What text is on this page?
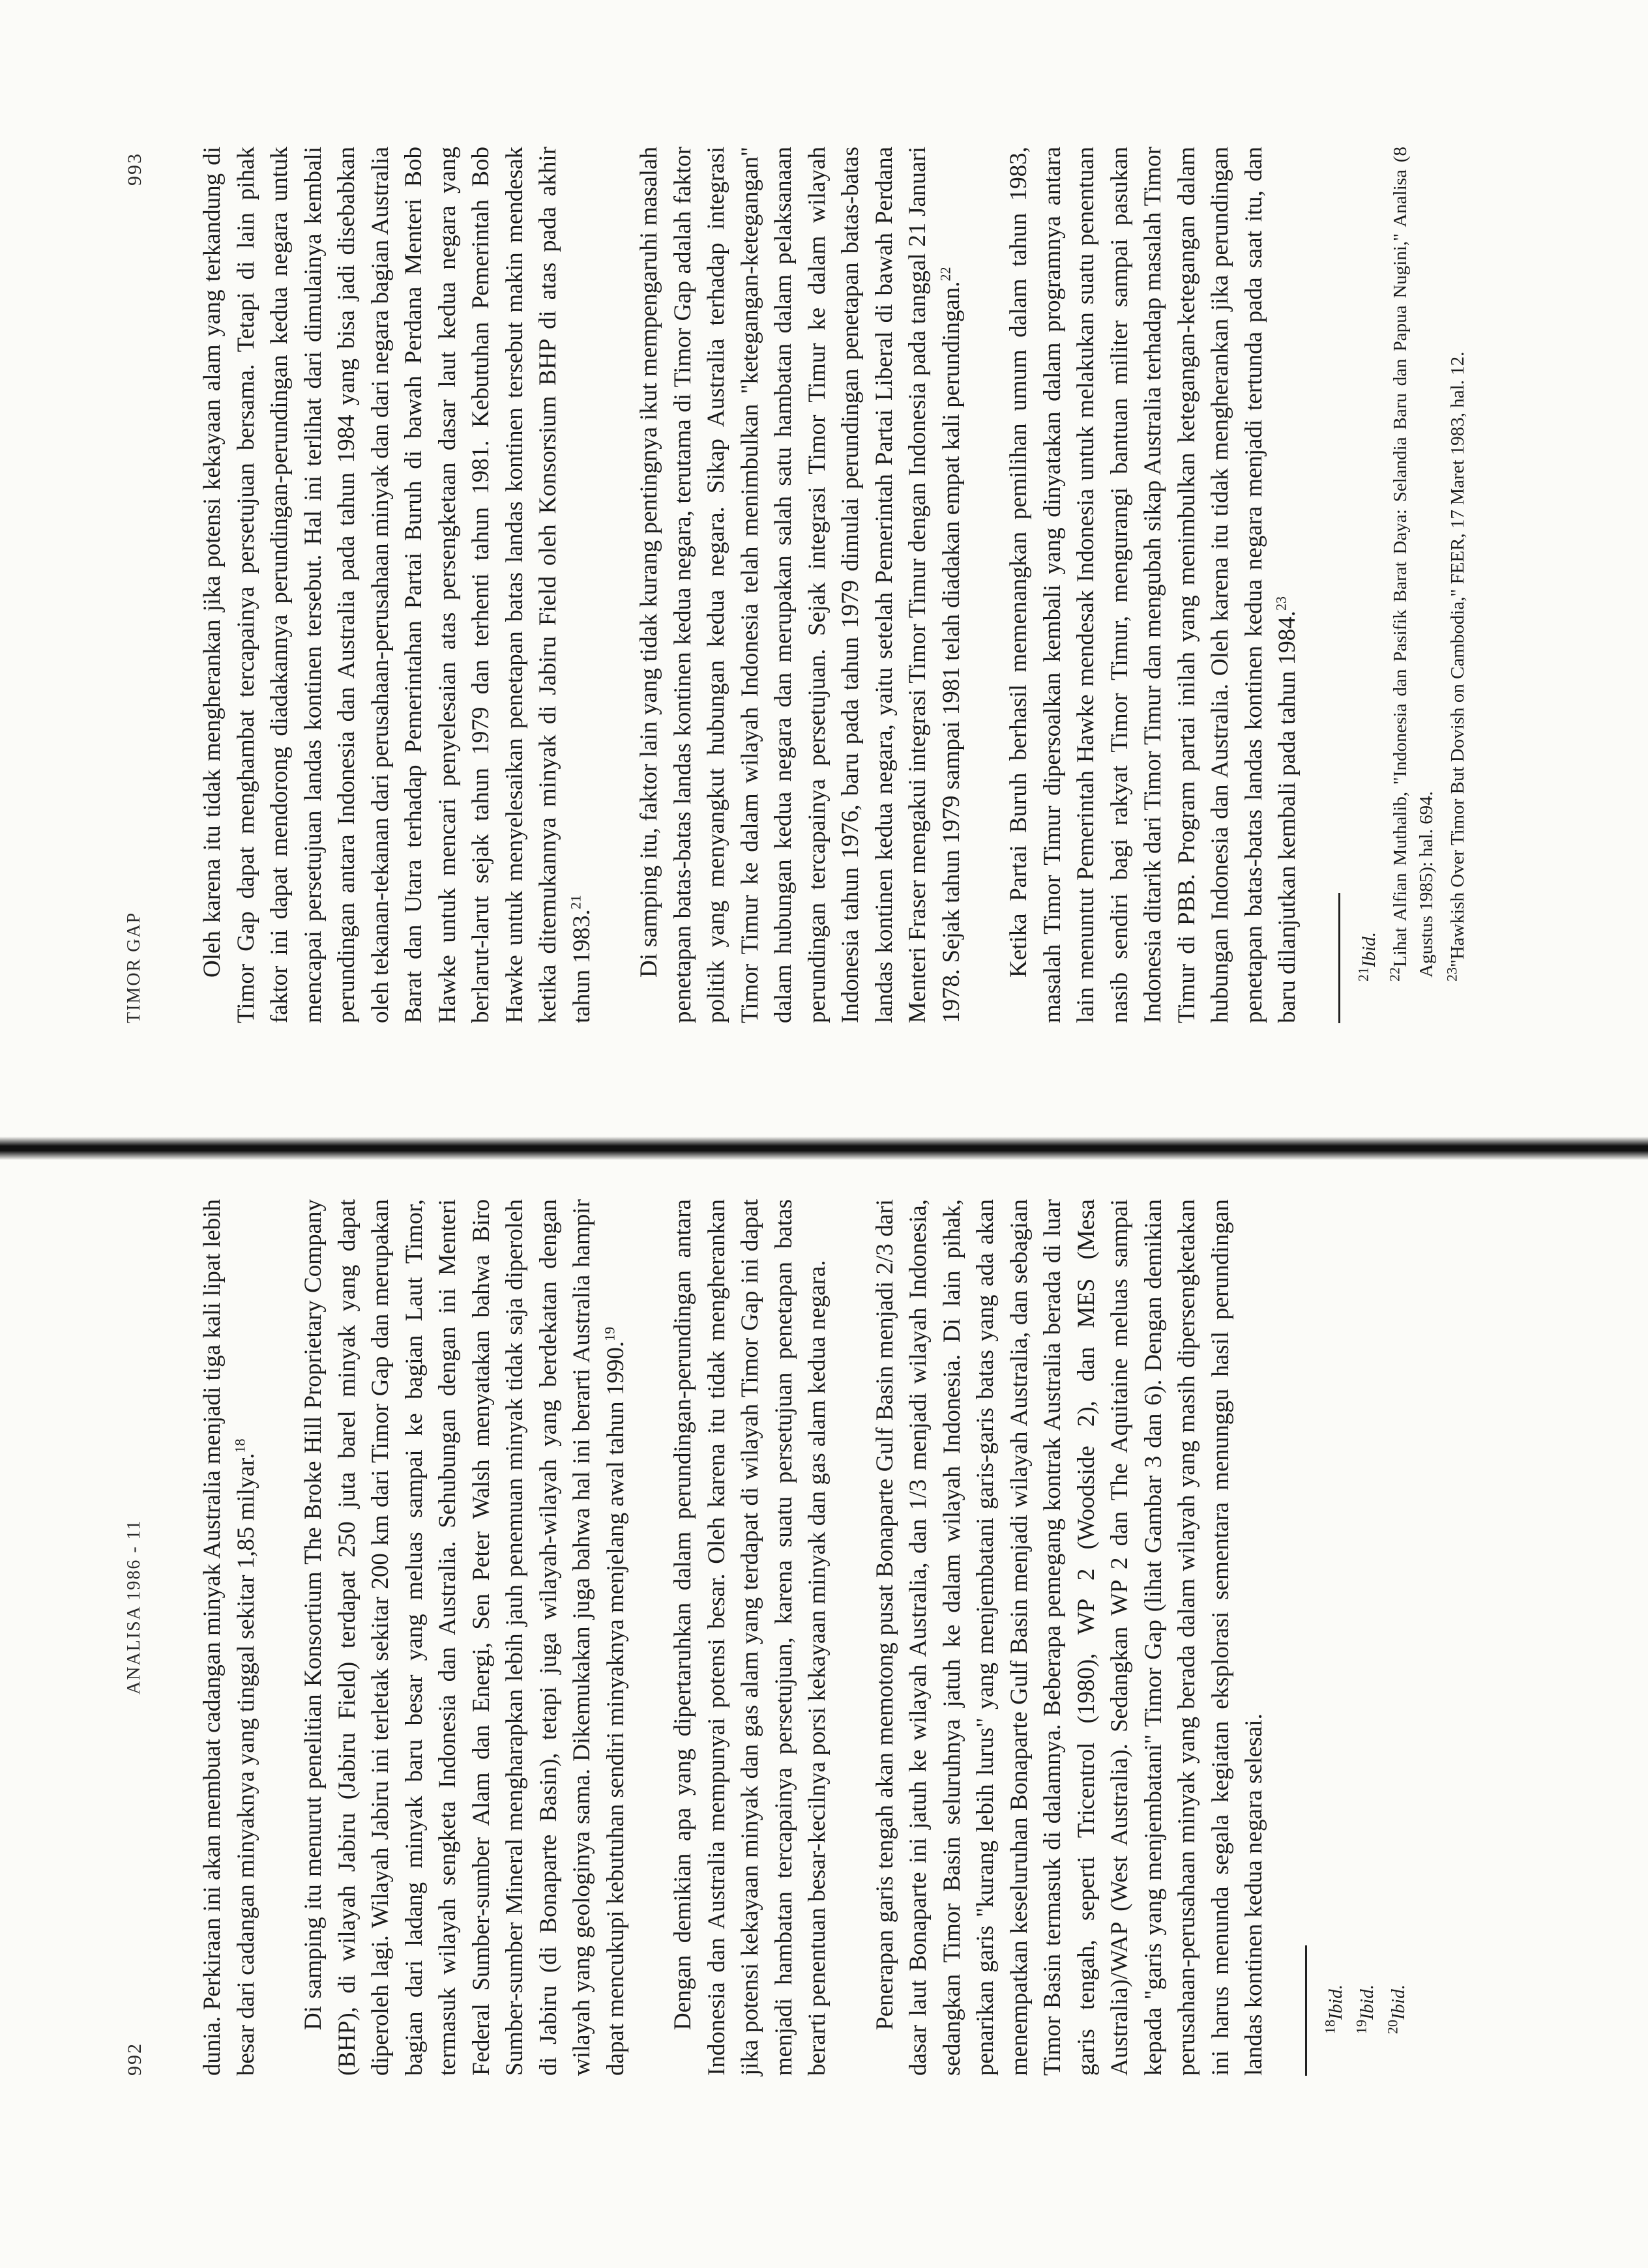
992
ANALISA 1986 - 11 dunia. Perkiraan ini akan membuat cadangan minyak Australia menjadi tiga kali lipat lebih besar dari cadangan minyaknya yang tinggal sekitar 1,85 milyar.$^{18}$	Di samping itu menurut penelitian Konsortium The Broke Hill Proprietary Company (BHP), di wilayah Jabiru (Jabiru Field) terdapat 250 juta barel minyak yang dapat diperoleh lagi. Wilayah Jabiru ini terletak sekitar 200 km dari Timor Gap dan merupakan bagian dari ladang minyak baru besar yang meluas sampai ke bagian Laut Timor, termasuk wilayah sengketa Indonesia dan Australia. Sehubungan dengan ini Menteri Federal Sumber-sumber Alam dan Energi, Sen Peter Walsh menyatakan bahwa Biro Sumber-sumber Mineral mengharapkan lebih jauh penemuan minyak tidak saja diperoleh di Jabiru (di Bonaparte Basin), tetapi juga wilayah-wilayah yang berdekatan dengan wilayah yang geologinya sama. Dikemukakan juga bahwa hal ini berarti Australia hampir dapat mencukupi kebutuhan sendiri minyaknya menjelang awal tahun 1990.19	Dengan demikian apa yang dipertaruhkan dalam perundingan-perundingan antara Indonesia dan Australia mempunyai potensi besar. Oleh karena itu tidak mengherankan jika potensi kekayaan minyak dan gas alam yang terdapat di wilayah Timor Gap ini dapat menjadi hambatan tercapainya persetujuan, karena suatu persetujuan penetapan batas berarti penentuan besar-kecilnya porsi kekayaan minyak dan gas alam kedua negara. Penerapan garis tengah akan memotong pusat Bonaparte Gulf Basin menjadi 2/3 dari dasar laut Bonaparte ini jatuh ke wilayah Australia, dan 1/3 menjadi wilayah Indonesia, sedangkan Timor Basin seluruhnya jatuh ke dalam wilayah Indonesia. Di lain pihak, penarikan garis "kurang lebih lurus" yang menjembatani garis-garis batas yang ada akan menempatkan keseluruhan Bonaparte Gulf Basin menjadi wilayah Australia, dan sebagian Timor Basin termasuk di dalamnya. Beberapa pemegang kontrak Australia berada di luar garis tengah, seperti Tricentrol (1980), WP 2 (Woodside 2), dan MES (Mesa Australia)/WAP (West Australia). Sedangkan WP 2 dan The Aquitaine meluas sampai kepada "garis yang menjembatani" Timor Gap (lihat Gambar 3 dan 6). Dengan demikian perusahaan-perusahaan minyak yang berada dalam wilayah yang masih dipersengketakan ini harus menunda segala kegiatan eksplorasi sementara menunggu hasil perundingan landas kontinen kedua negara selesai.	$^{18}$Ibid.
$^{19}$Ibid.
$^{20}$Ibid.
TIMOR GAP
993 Oleh karena itu tidak mengherankan jika potensi kekayaan alam yang terkandung di Timor Gap dapat menghambat tercapainya persetujuan bersama. Tetapi di lain pihak faktor ini dapat mendorong diadakannya perundingan-perundingan kedua negara untuk mencapai persetujuan landas kontinen tersebut. Hal ini terlihat dari dimulainya kembali perundingan antara Indonesia dan Australia pada tahun 1984 yang bisa jadi disebabkan oleh tekanan-tekanan dari perusahaan-perusahaan minyak dan dari negara bagian Australia Barat dan Utara terhadap Pemerintahan Partai Buruh di bawah Perdana Menteri Bob Hawke untuk mencari penyelesaian atas persengketaan dasar laut kedua negara yang berlarut-larut sejak tahun 1979 dan terhenti tahun 1981. Kebutuhan Pemerintah Bob Hawke untuk menyelesaikan penetapan batas landas kontinen tersebut makin mendesak ketika ditemukannya minyak di Jabiru Field oleh Konsorsium BHP di atas pada akhir tahun 1983.21	Di samping itu, faktor lain yang tidak kurang pentingnya ikut mempengaruhi masalah penetapan batas-batas landas kontinen kedua negara, terutama di Timor Gap adalah faktor politik yang menyangkut hubungan kedua negara. Sikap Australia terhadap integrasi Timor Timur ke dalam wilayah Indonesia telah menimbulkan "ketegangan-ketegangan" dalam hubungan kedua negara dan merupakan salah satu hambatan dalam pelaksanaan perundingan tercapainya persetujuan. Sejak integrasi Timor Timur ke dalam wilayah Indonesia tahun 1976, baru pada tahun 1979 dimulai perundingan penetapan batas-batas landas kontinen kedua negara, yaitu setelah Pemerintah Partai Liberal di bawah Perdana Menteri Fraser mengakui integrasi Timor Timur dengan Indonesia pada tanggal 21 Januari 1978. Sejak tahun 1979 sampai 1981 telah diadakan empat kali perundingan.$^{22}$	Ketika Partai Buruh berhasil memenangkan pemilihan umum dalam tahun 1983, masalah Timor Timur dipersoalkan kembali yang dinyatakan dalam programnya antara lain menuntut Pemerintah Hawke mendesak Indonesia untuk melakukan suatu penentuan nasib sendiri bagi rakyat Timor Timur, mengurangi bantuan militer sampai pasukan Indonesia ditarik dari Timor Timur dan mengubah sikap Australia terhadap masalah Timor Timur di PBB. Program partai inilah yang menimbulkan ketegangan-ketegangan dalam hubungan Indonesia dan Australia. Oleh karena itu tidak mengherankan jika perundingan penetapan batas-batas landas kontinen kedua negara menjadi tertunda pada saat itu, dan baru dilanjutkan kembali pada tahun 1984.23

$^{21}$Ibid.
$^{22}$Lihat Alfian Muthalib, "Indonesia dan Pasifik Barat Daya: Selandia Baru dan Papua Nugini," Analisa (8 Agustus 1985): hal. 694. $^{23}$"Hawkish Over Timor But Dovish on Cambodia," FEER, 17 Maret 1983, hal. 12.
